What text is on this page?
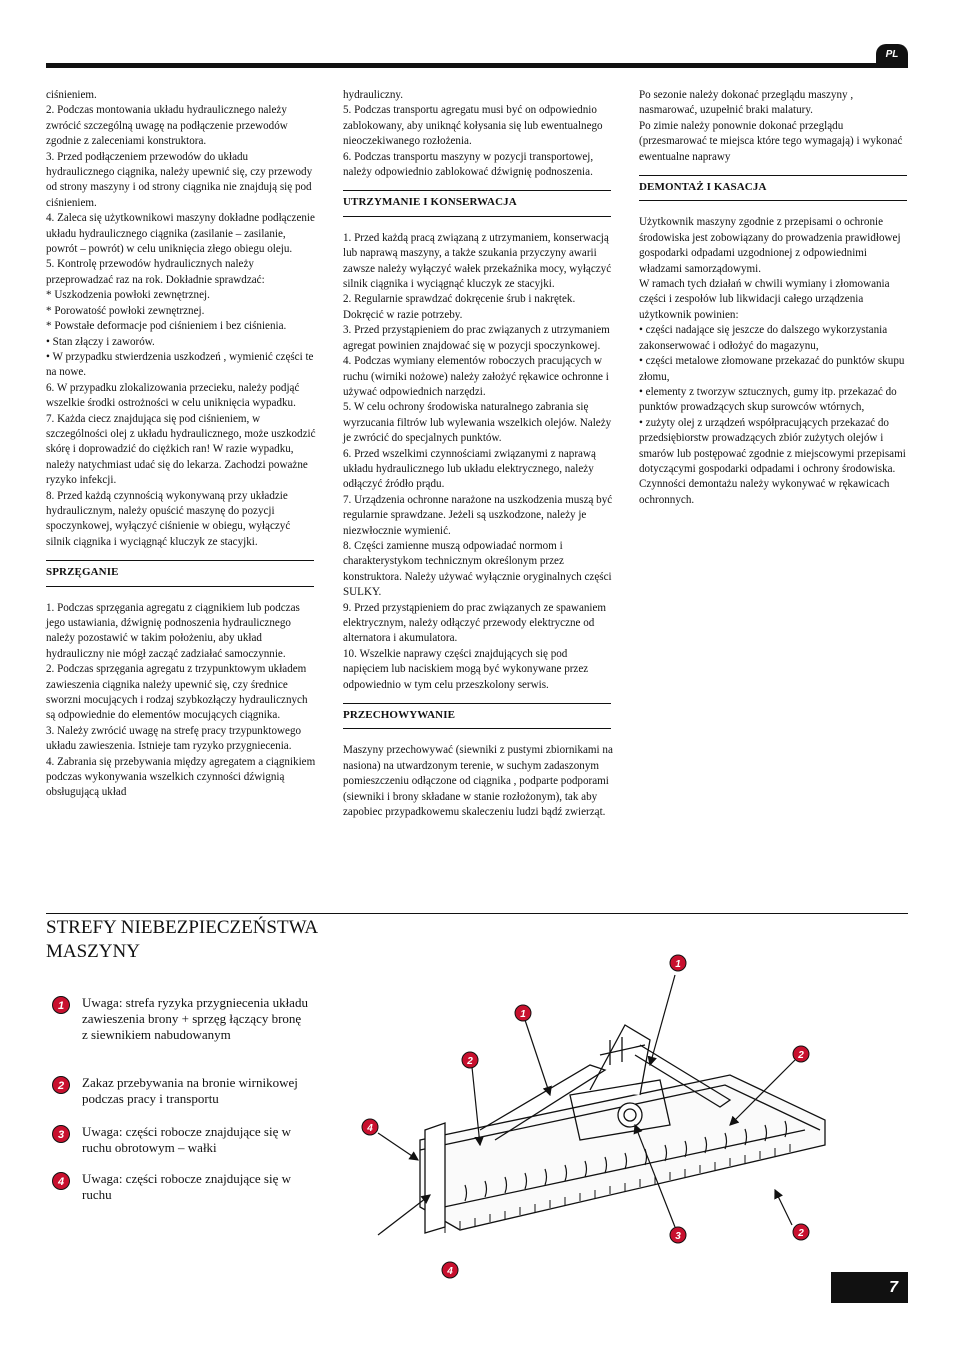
PL

ciśnieniem.

2. Podczas montowania układu hydraulicznego należy zwrócić szczególną uwagę na podłączenie przewodów zgodnie z zaleceniami konstruktora.

3. Przed podłączeniem przewodów do układu hydraulicznego ciągnika, należy upewnić się, czy przewody od strony maszyny i od strony ciągnika nie znajdują się pod ciśnieniem.

4. Zaleca się użytkownikowi maszyny dokładne podłączenie układu hydraulicznego ciągnika (zasilanie – zasilanie, powrót – powrót) w celu uniknięcia złego obiegu oleju.

5. Kontrolę przewodów hydraulicznych należy przeprowadzać raz na rok. Dokładnie sprawdzać:

* Uszkodzenia powłoki zewnętrznej.

* Porowatość powłoki zewnętrznej.

* Powstałe deformacje pod ciśnieniem i bez ciśnienia.

• Stan złączy i zaworów.

• W przypadku stwierdzenia uszkodzeń , wymienić części te na nowe.

6. W przypadku zlokalizowania przecieku, należy podjąć wszelkie środki ostrożności w celu uniknięcia wypadku.

7. Każda ciecz znajdująca się pod ciśnieniem, w szczególności olej z układu hydraulicznego, może uszkodzić skórę i doprowadzić do ciężkich ran! W razie wypadku, należy natychmiast udać się do lekarza. Zachodzi poważne ryzyko infekcji.

8. Przed każdą czynnością wykonywaną przy układzie hydraulicznym, należy opuścić maszynę do pozycji spoczynkowej, wyłączyć ciśnienie w obiegu, wyłączyć silnik ciągnika i wyciągnąć kluczyk ze stacyjki.

SPRZĘGANIE

1. Podczas sprzęgania agregatu z ciągnikiem lub podczas jego ustawiania, dźwignię podnoszenia hydraulicznego należy pozostawić w takim położeniu, aby układ hydrauliczny nie mógł zacząć zadziałać samoczynnie.

2. Podczas sprzęgania agregatu z trzypunktowym układem zawieszenia ciągnika należy upewnić się, czy średnice sworzni mocujących i rodzaj szybkozłączy hydraulicznych są odpowiednie do elementów mocujących ciągnika.

3. Należy zwrócić uwagę na strefę pracy trzypunktowego układu zawieszenia. Istnieje tam ryzyko przygniecenia.

4. Zabrania się przebywania między agregatem a ciągnikiem podczas wykonywania wszelkich czynności dźwignią obsługującą układ

hydrauliczny.

5. Podczas transportu agregatu musi być on odpowiednio zablokowany, aby uniknąć kołysania się lub ewentualnego nieoczekiwanego rozłożenia.

6. Podczas transportu maszyny w pozycji transportowej, należy odpowiednio zablokować dźwignię podnoszenia.

UTRZYMANIE I KONSERWACJA

1. Przed każdą pracą związaną z utrzymaniem, konserwacją lub naprawą maszyny, a także szukania przyczyny awarii zawsze należy wyłączyć wałek przekaźnika mocy, wyłączyć silnik ciągnika i wyciągnąć kluczyk ze stacyjki.

2. Regularnie sprawdzać dokręcenie śrub i nakrętek. Dokręcić w razie potrzeby.

3. Przed przystąpieniem do prac związanych z utrzymaniem agregat powinien znajdować się w pozycji spoczynkowej.

4. Podczas wymiany elementów roboczych pracujących w ruchu (wirniki nożowe) należy założyć rękawice ochronne i używać odpowiednich narzędzi.

5. W celu ochrony środowiska naturalnego zabrania się wyrzucania filtrów lub wylewania wszelkich olejów. Należy je zwrócić do specjalnych punktów.

6. Przed wszelkimi czynnościami związanymi z naprawą układu hydraulicznego lub układu elektrycznego, należy odłączyć źródło prądu.

7. Urządzenia ochronne narażone na uszkodzenia muszą być regularnie sprawdzane. Jeżeli są uszkodzone, należy je niezwłocznie wymienić.

8. Części zamienne muszą odpowiadać normom i charakterystykom technicznym określonym przez konstruktora. Należy używać wyłącznie oryginalnych części SULKY.

9. Przed przystąpieniem do prac związanych ze spawaniem elektrycznym, należy odłączyć przewody elektryczne od alternatora i akumulatora.

10. Wszelkie naprawy części znajdujących się pod napięciem lub naciskiem mogą być wykonywane przez odpowiednio w tym celu przeszkolony serwis.

PRZECHOWYWANIE

Maszyny przechowywać (siewniki z pustymi zbiornikami na nasiona) na utwardzonym terenie, w suchym zadaszonym pomieszczeniu odłączone od ciągnika , podparte podporami (siewniki i brony składane w stanie rozłożonym), tak aby zapobiec przypadkowemu skaleczeniu ludzi bądź zwierząt.

Po sezonie należy dokonać przeglądu maszyny , nasmarować, uzupełnić braki malatury.

Po zimie należy ponownie dokonać przeglądu (przesmarować te miejsca które tego wymagają) i wykonać ewentualne naprawy

DEMONTAŻ I KASACJA

Użytkownik maszyny zgodnie z przepisami o ochronie środowiska jest zobowiązany do prowadzenia prawidłowej gospodarki odpadami uzgodnionej z odpowiednimi władzami samorządowymi.

W ramach tych działań w chwili wymiany i złomowania części i zespołów lub likwidacji całego urządzenia użytkownik powinien:

• części nadające się jeszcze do dalszego wykorzystania zakonserwować i odłożyć do magazynu,

• części metalowe złomowane przekazać do punktów skupu złomu,

• elementy z tworzyw sztucznych, gumy itp. przekazać do punktów prowadzących skup surowców wtórnych,

• zużyty olej z urządzeń współpracujących przekazać do przedsiębiorstw prowadzących zbiór zużytych olejów i smarów lub postępować zgodnie z miejscowymi przepisami dotyczącymi gospodarki odpadami i ochrony środowiska. Czynności demontażu należy wykonywać w rękawicach ochronnych.

STREFY NIEBEZPIECZEŃSTWA
MASZYNY
1 Uwaga: strefa ryzyka przygniecenia układu zawieszenia brony + sprzęg łączący bronę z siewnikiem nabudowanym
2 Zakaz przebywania na bronie wirnikowej podczas pracy i transportu
3 Uwaga: części robocze znajdujące się w ruchu obrotowym – wałki
4 Uwaga: części robocze znajdujące się w ruchu
1
1
2
2
2
3
4
4
7
